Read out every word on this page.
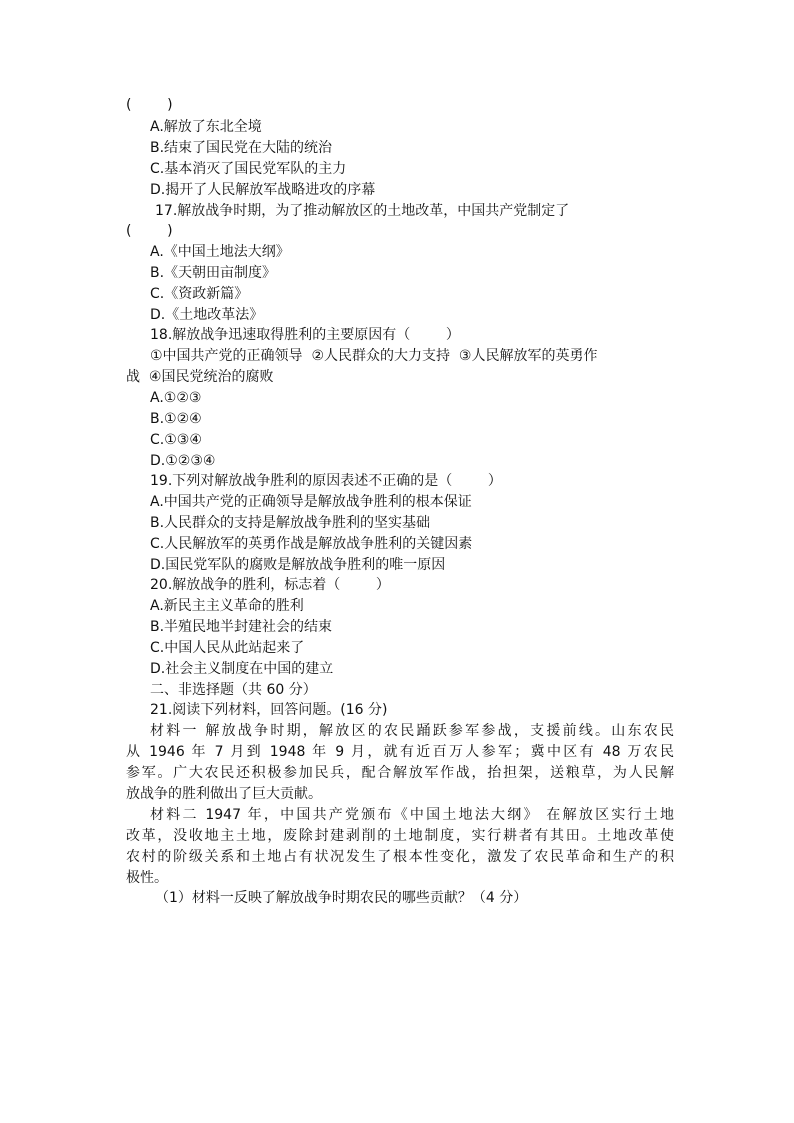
(        )
A.解放了东北全境
B.结束了国民党在大陆的统治
C.基本消灭了国民党军队的主力
D.揭开了人民解放军战略进攻的序幕
17.解放战争时期，为了推动解放区的土地改革，中国共产党制定了
(        )
A.《中国土地法大纲》
B.《天朝田亩制度》
C.《资政新篇》
D.《土地改革法》
18.解放战争迅速取得胜利的主要原因有（        ）
①中国共产党的正确领导  ②人民群众的大力支持  ③人民解放军的英勇作
战  ④国民党统治的腐败
A.①②③
B.①②④
C.①③④
D.①②③④
19.下列对解放战争胜利的原因表述不正确的是（        ）
A.中国共产党的正确领导是解放战争胜利的根本保证
B.人民群众的支持是解放战争胜利的坚实基础
C.人民解放军的英勇作战是解放战争胜利的关键因素
D.国民党军队的腐败是解放战争胜利的唯一原因
20.解放战争的胜利，标志着（        ）
A.新民主主义革命的胜利
B.半殖民地半封建社会的结束
C.中国人民从此站起来了
D.社会主义制度在中国的建立
二、非选择题（共 60 分）
21.阅读下列材料，回答问题。(16 分)
材料一 解放战争时期，解放区的农民踊跃参军参战，支援前线。山东农民
从 1946 年 7 月到 1948 年 9 月，就有近百万人参军；冀中区有 48 万农民
参军。广大农民还积极参加民兵，配合解放军作战，抬担架，送粮草，为人民解
放战争的胜利做出了巨大贡献。
材料二 1947 年，中国共产党颁布《中国土地法大纲》 在解放区实行土地
改革，没收地主土地，废除封建剥削的土地制度，实行耕者有其田。土地改革使
农村的阶级关系和土地占有状况发生了根本性变化，激发了农民革命和生产的积
极性。
（1）材料一反映了解放战争时期农民的哪些贡献？（4 分）
